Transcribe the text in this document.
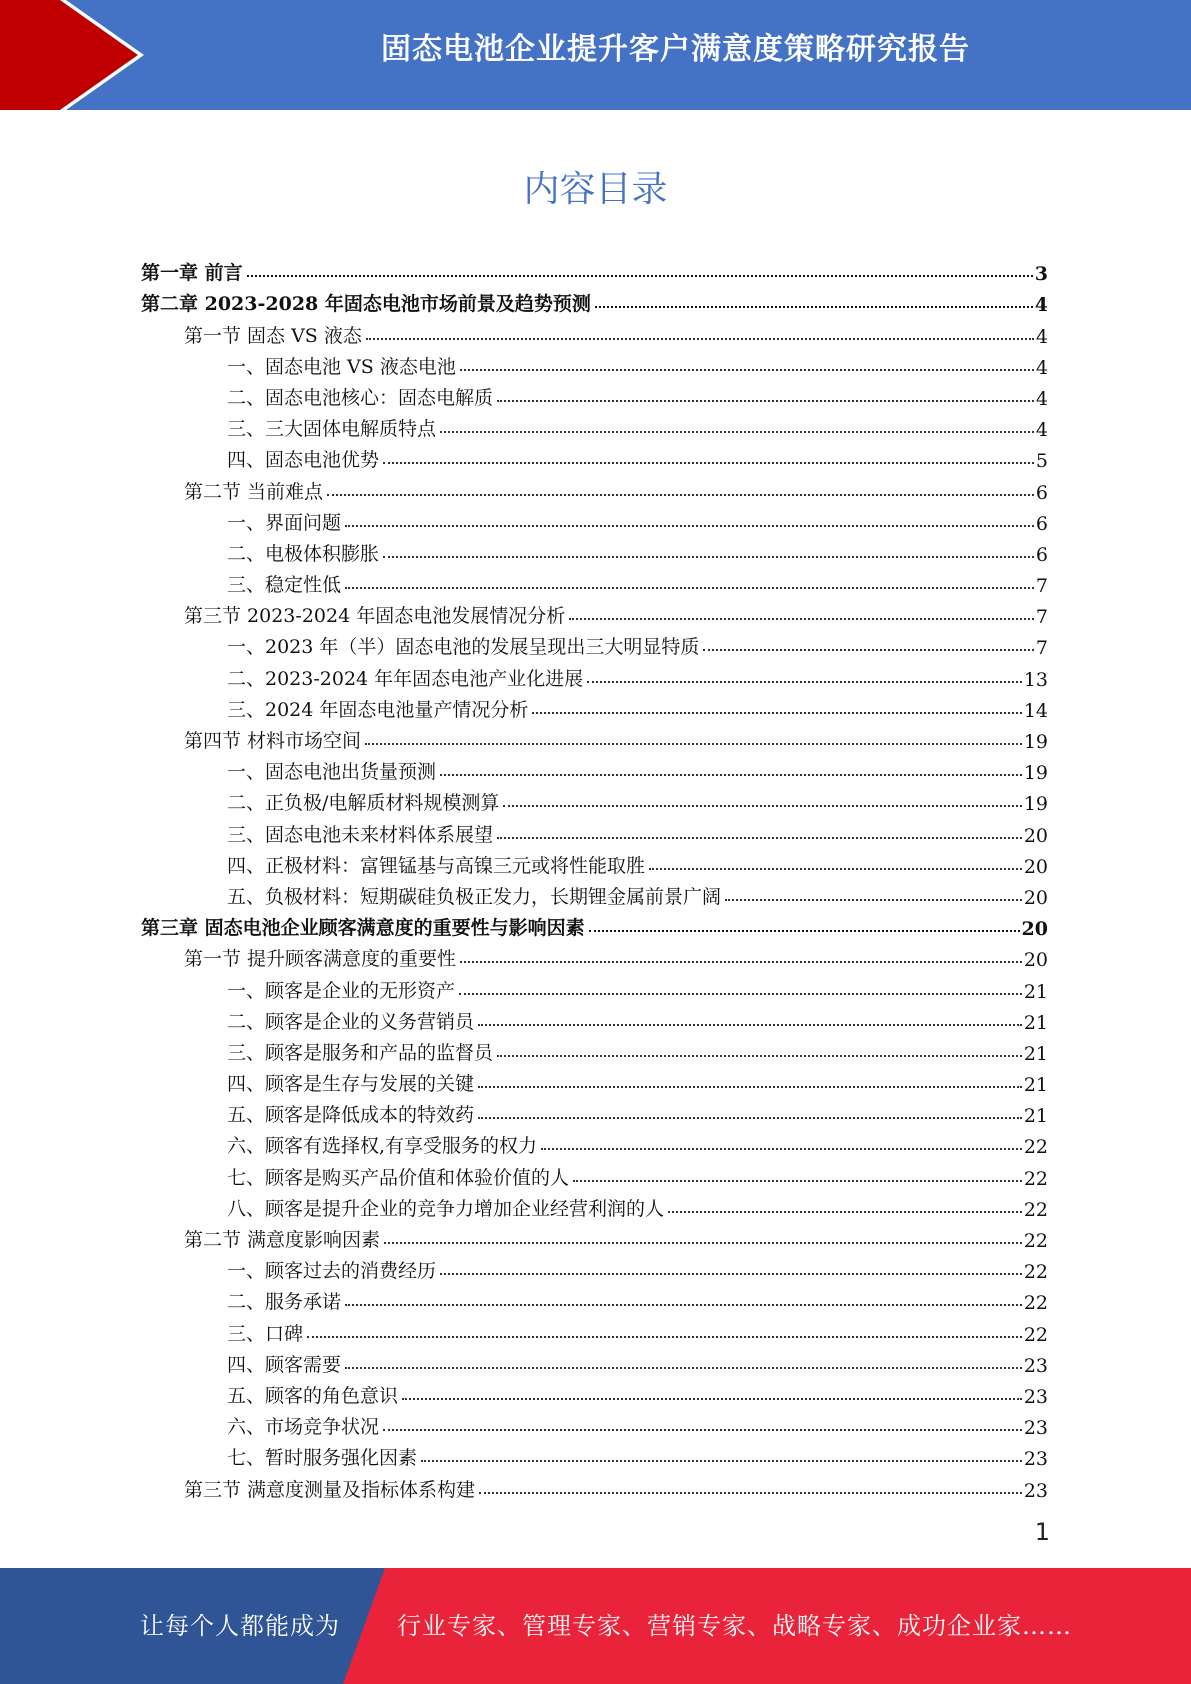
固态电池企业提升客户满意度策略研究报告
内容目录
第一章 前言	3
第二章 2023-2028 年固态电池市场前景及趋势预测	4
第一节 固态 VS 液态	4
一、固态电池 VS 液态电池	4
二、固态电池核心：固态电解质	4
三、三大固体电解质特点	4
四、固态电池优势	5
第二节 当前难点	6
一、界面问题	6
二、电极体积膨胀	6
三、稳定性低	7
第三节 2023-2024 年固态电池发展情况分析	7
一、2023 年（半）固态电池的发展呈现出三大明显特质	7
二、2023-2024 年年固态电池产业化进展	13
三、2024 年固态电池量产情况分析	14
第四节 材料市场空间	19
一、固态电池出货量预测	19
二、正负极/电解质材料规模测算	19
三、固态电池未来材料体系展望	20
四、正极材料：富锂锰基与高镍三元或将性能取胜	20
五、负极材料：短期碳硅负极正发力，长期锂金属前景广阔	20
第三章 固态电池企业顾客满意度的重要性与影响因素	20
第一节 提升顾客满意度的重要性	20
一、顾客是企业的无形资产	21
二、顾客是企业的义务营销员	21
三、顾客是服务和产品的监督员	21
四、顾客是生存与发展的关键	21
五、顾客是降低成本的特效药	21
六、顾客有选择权,有享受服务的权力	22
七、顾客是购买产品价值和体验价值的人	22
八、顾客是提升企业的竞争力增加企业经营利润的人	22
第二节 满意度影响因素	22
一、顾客过去的消费经历	22
二、服务承诺	22
三、口碑	22
四、顾客需要	23
五、顾客的角色意识	23
六、市场竞争状况	23
七、暂时服务强化因素	23
第三节 满意度测量及指标体系构建	23
1
让每个人都能成为 行业专家、管理专家、营销专家、战略专家、成功企业家……
